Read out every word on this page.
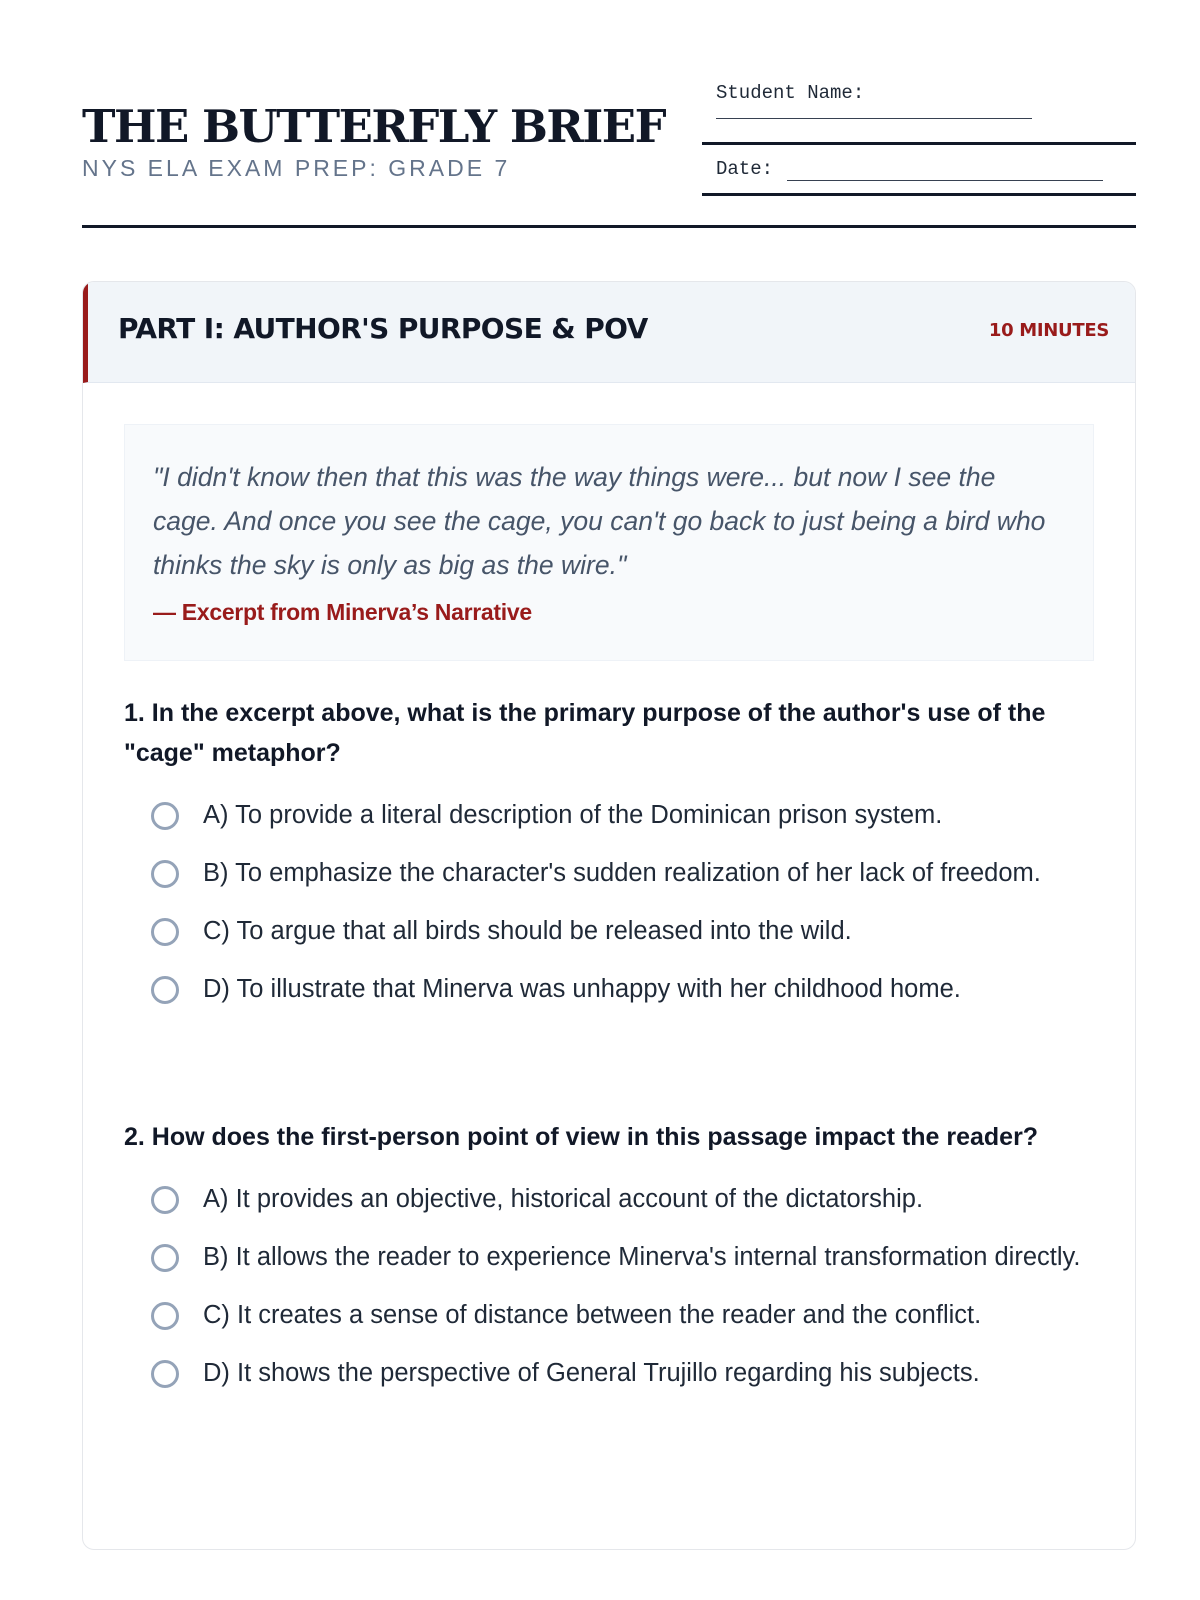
THE BUTTERFLY BRIEF
NYS ELA EXAM PREP: GRADE 7
Student Name:
Date:
PART I: AUTHOR'S PURPOSE & POV	10 MINUTES

"I didn't know then that this was the way things were... but now I see the cage. And once you see the cage, you can't go back to just being a bird who thinks the sky is only as big as the wire."

— Excerpt from Minerva’s Narrative

1. In the excerpt above, what is the primary purpose of the author's use of the "cage" metaphor?

A) To provide a literal description of the Dominican prison system.
B) To emphasize the character's sudden realization of her lack of freedom.
C) To argue that all birds should be released into the wild.
D) To illustrate that Minerva was unhappy with her childhood home.

2. How does the first-person point of view in this passage impact the reader?

A) It provides an objective, historical account of the dictatorship.
B) It allows the reader to experience Minerva's internal transformation directly.
C) It creates a sense of distance between the reader and the conflict.
D) It shows the perspective of General Trujillo regarding his subjects.
